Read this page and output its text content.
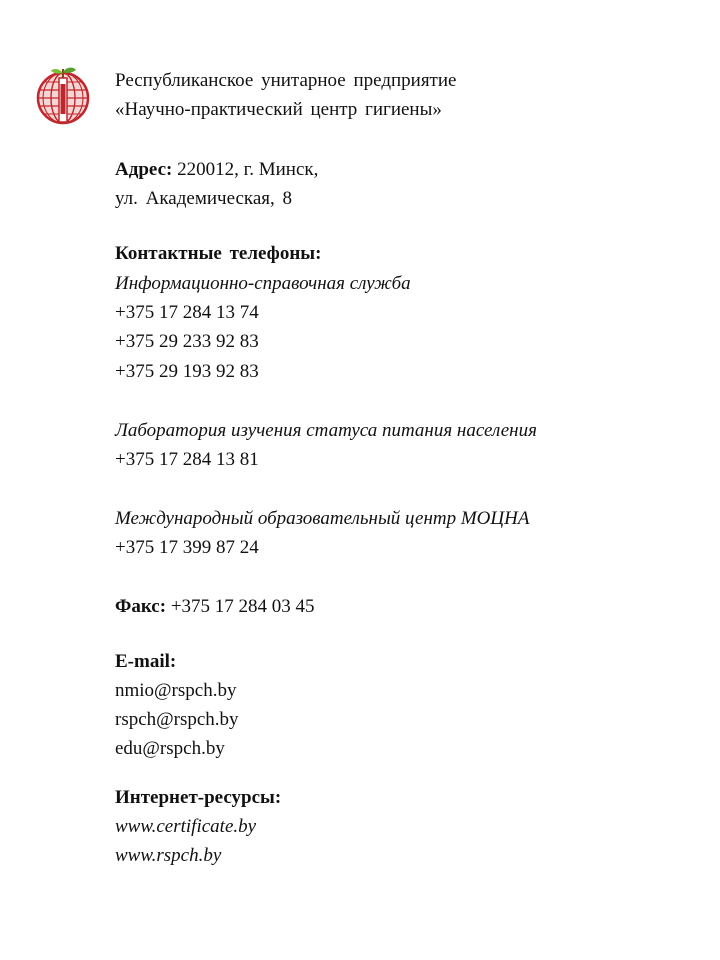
Республиканское унитарное предприятие
«Научно-практический центр гигиены»
Адрес: 220012, г. Минск,
ул. Академическая, 8
Контактные телефоны:
Информационно-справочная служба
+375 17 284 13 74
+375 29 233 92 83
+375 29 193 92 83
Лаборатория изучения статуса питания населения
+375 17 284 13 81
Международный образовательный центр МОЦНА
+375 17 399 87 24
Факс: +375 17 284 03 45
E-mail:
nmio@rspch.by
rspch@rspch.by
edu@rspch.by
Интернет-ресурсы:
www.certificate.by
www.rspch.by
